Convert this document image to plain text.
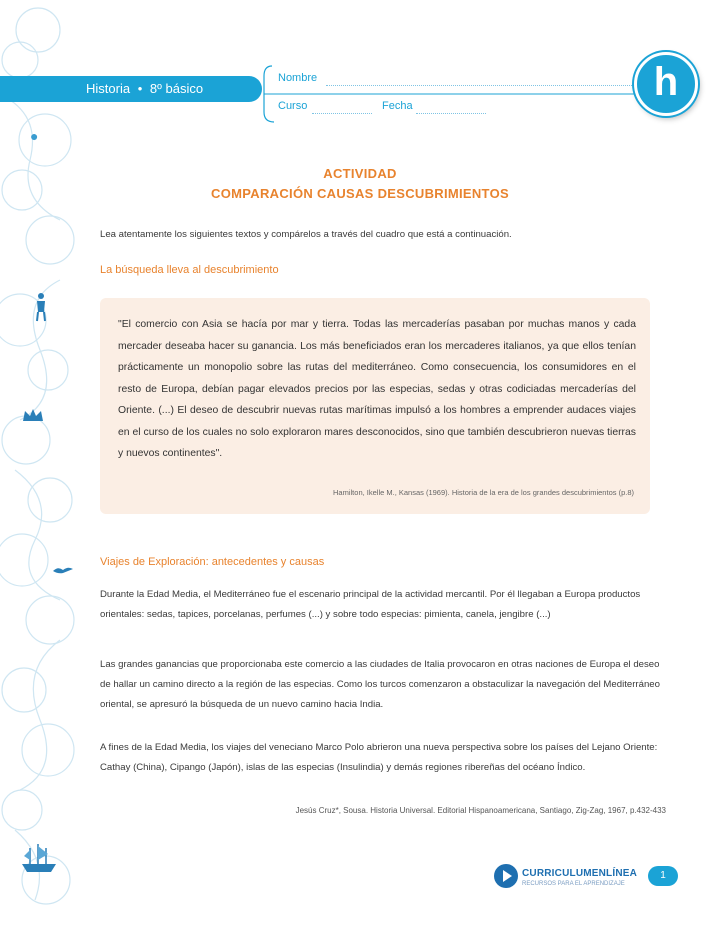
●
Historia • 8º básico
Nombre
Curso	Fecha
h
ACTIVIDAD
COMPARACIÓN CAUSAS DESCUBRIMIENTOS
Lea atentamente los siguientes textos y compárelos a través del cuadro que está a continuación.
La búsqueda lleva al descubrimiento
"El comercio con Asia se hacía por mar y tierra. Todas las mercaderías pasaban por muchas manos y cada mercader deseaba hacer su ganancia. Los más beneficiados eran los mercaderes italianos, ya que ellos tenían prácticamente un monopolio sobre las rutas del mediterráneo. Como consecuencia, los consumidores en el resto de Europa, debían pagar elevados precios por las especias, sedas y otras codiciadas mercaderías del Oriente. (...) El deseo de descubrir nuevas rutas marítimas impulsó a los hombres a emprender audaces viajes en el curso de los cuales no solo exploraron mares desconocidos, sino que también descubrieron nuevas tierras y nuevos continentes".
Hamilton, Ikelle M., Kansas (1969). Historia de la era de los grandes descubrimientos (p.8)
Viajes de Exploración: antecedentes y causas
Durante la Edad Media, el Mediterráneo fue el escenario principal de la actividad mercantil. Por él llegaban a Europa productos orientales: sedas, tapices, porcelanas, perfumes (...) y sobre todo especias: pimienta, canela, jengibre (...)
Las grandes ganancias que proporcionaba este comercio a las ciudades de Italia provocaron en otras naciones de Europa el deseo de hallar un camino directo a la región de las especias. Como los turcos comenzaron a obstaculizar la navegación del Mediterráneo oriental, se apresuró la búsqueda de un nuevo camino hacia India.
A fines de la Edad Media, los viajes del veneciano Marco Polo abrieron una nueva perspectiva sobre los países del Lejano Oriente: Cathay (China), Cipango (Japón), islas de las especias (Insulindia) y demás regiones ribereñas del océano Índico.
Jesús Cruz*, Sousa. Historia Universal. Editorial Hispanoamericana, Santiago, Zig-Zag, 1967, p.432-433
CURRICULUMENLÍNEA
RECURSOS PARA EL APRENDIZAJE
1
